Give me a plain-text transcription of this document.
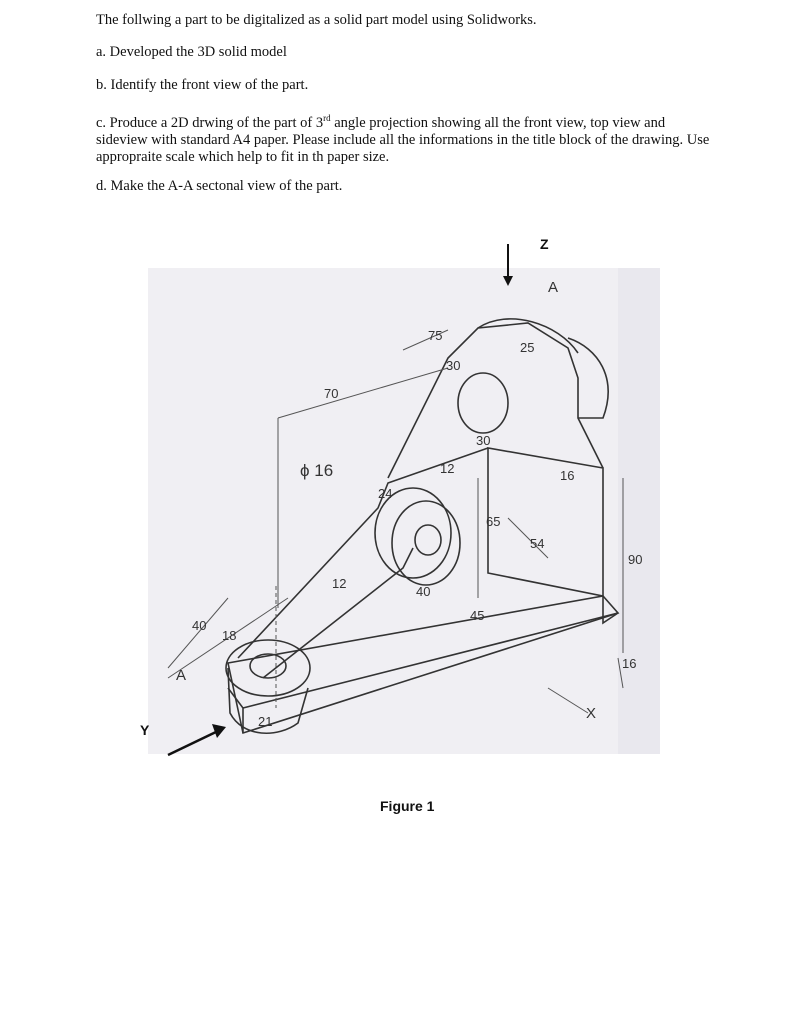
The follwing a part to be digitalized as a solid part model using Solidworks.

a. Developed the 3D solid model

b. Identify the front view of the part.

c. Produce a 2D drwing of the part of 3rd angle projection showing all the front view, top view and sideview with standard A4 paper. Please include all the informations in the title block of the drawing. Use appropraite scale which help to fit in th paper size.

d. Make the A-A sectonal view of the part.

75
70
25
30
30
ϕ 16	12
24
65
16
54
90
12
40
45
40
18
A
A
21
16
X
Z
Y
Figure 1
